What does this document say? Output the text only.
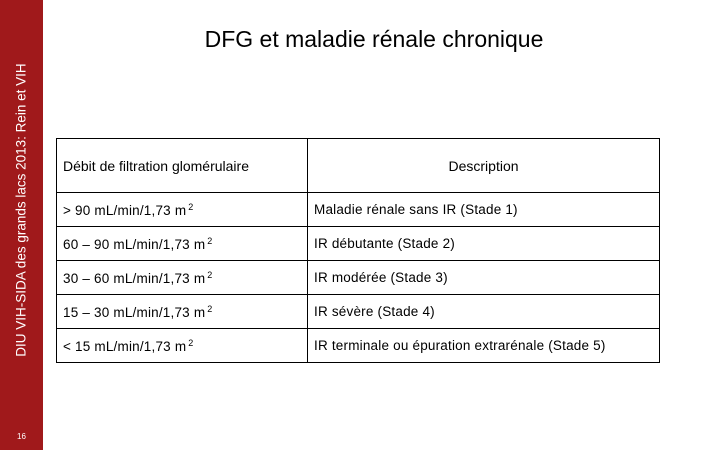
DIU VIH-SIDA des grands lacs 2013: Rein et VIH
16
DFG et maladie rénale chronique
Débit de filtration glomérulaire	Description
> 90 mL/min/1,73 m $^2$	Maladie rénale sans IR (Stade 1)
60 – 90 mL/min/1,73 m $^2$	IR débutante (Stade 2)
30 – 60 mL/min/1,73 m $^2$	IR modérée (Stade 3)
15 – 30 mL/min/1,73 m $^2$	IR sévère (Stade 4)
< 15 mL/min/1,73 m $^2$	IR terminale ou épuration extrarénale (Stade 5)
